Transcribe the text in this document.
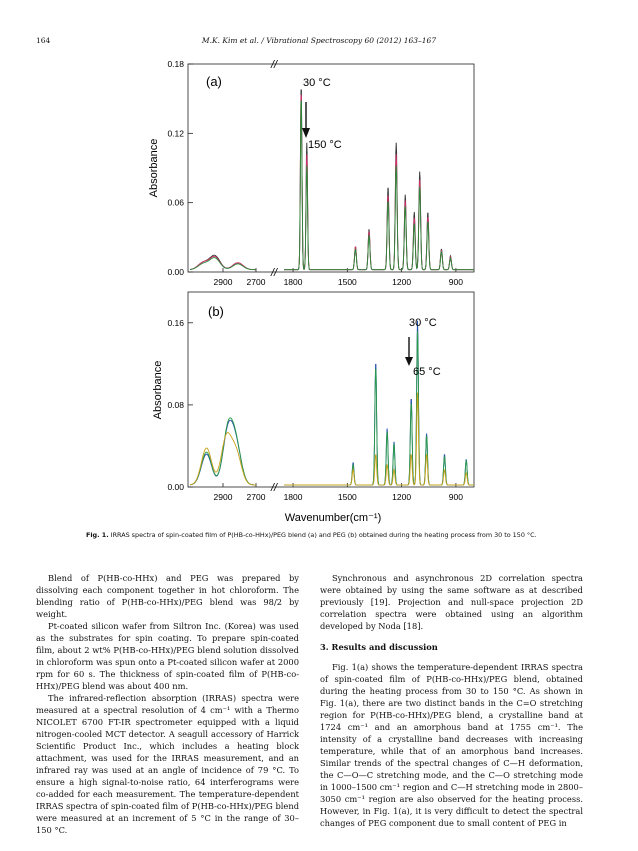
164	M.K. Kim et al. / Vibrational Spectroscopy 60 (2012) 163–167
0.00
0.06
0.12
0.18
2900 2700 1800	1500	1200	900
(a)
Absorbance
30 °C
150 °C
//
//
0.00
0.08
0.16
2900 2700 1800	1500	1200	900
(b)
Absorbance
30 °C
65 °C
//
Wavenumber(cm⁻¹)
Fig. 1. IRRAS spectra of spin-coated film of P(HB-co-HHx)/PEG blend (a) and PEG (b) obtained during the heating process from 30 to 150 °C.

Blend of P(HB-co-HHx) and PEG was prepared by dissolving each component together in hot chloroform. The blending ratio of P(HB-co-HHx)/PEG blend was 98/2 by weight.

Pt-coated silicon wafer from Siltron Inc. (Korea) was used as the substrates for spin coating. To prepare spin-coated film, about 2 wt% P(HB-co-HHx)/PEG blend solution dissolved in chloroform was spun onto a Pt-coated silicon wafer at 2000 rpm for 60 s. The thickness of spin-coated film of P(HB-co-HHx)/PEG blend was about 400 nm.

The infrared-reflection absorption (IRRAS) spectra were measured at a spectral resolution of 4 cm⁻¹ with a Thermo NICOLET 6700 FT-IR spectrometer equipped with a liquid nitrogen-cooled MCT detector. A seagull accessory of Harrick Scientific Product Inc., which includes a heating block attachment, was used for the IRRAS measurement, and an infrared ray was used at an angle of incidence of 79 °C. To ensure a high signal-to-noise ratio, 64 interferograms were co-added for each measurement. The temperature-dependent IRRAS spectra of spin-coated film of P(HB-co-HHx)/PEG blend were measured at an increment of 5 °C in the range of 30–150 °C.

Synchronous and asynchronous 2D correlation spectra were obtained by using the same software as at described previously [19]. Projection and null-space projection 2D correlation spectra were obtained using an algorithm developed by Noda [18].

3. Results and discussion

Fig. 1(a) shows the temperature-dependent IRRAS spectra of spin-coated film of P(HB-co-HHx)/PEG blend, obtained during the heating process from 30 to 150 °C. As shown in Fig. 1(a), there are two distinct bands in the C=O stretching region for P(HB-co-HHx)/PEG blend, a crystalline band at 1724 cm⁻¹ and an amorphous band at 1755 cm⁻¹. The intensity of a crystalline band decreases with increasing temperature, while that of an amorphous band increases. Similar trends of the spectral changes of C—H deformation, the C—O—C stretching mode, and the C—O stretching mode in 1000–1500 cm⁻¹ region and C—H stretching mode in 2800–3050 cm⁻¹ region are also observed for the heating process. However, in Fig. 1(a), it is very difficult to detect the spectral changes of PEG component due to small content of PEG in
